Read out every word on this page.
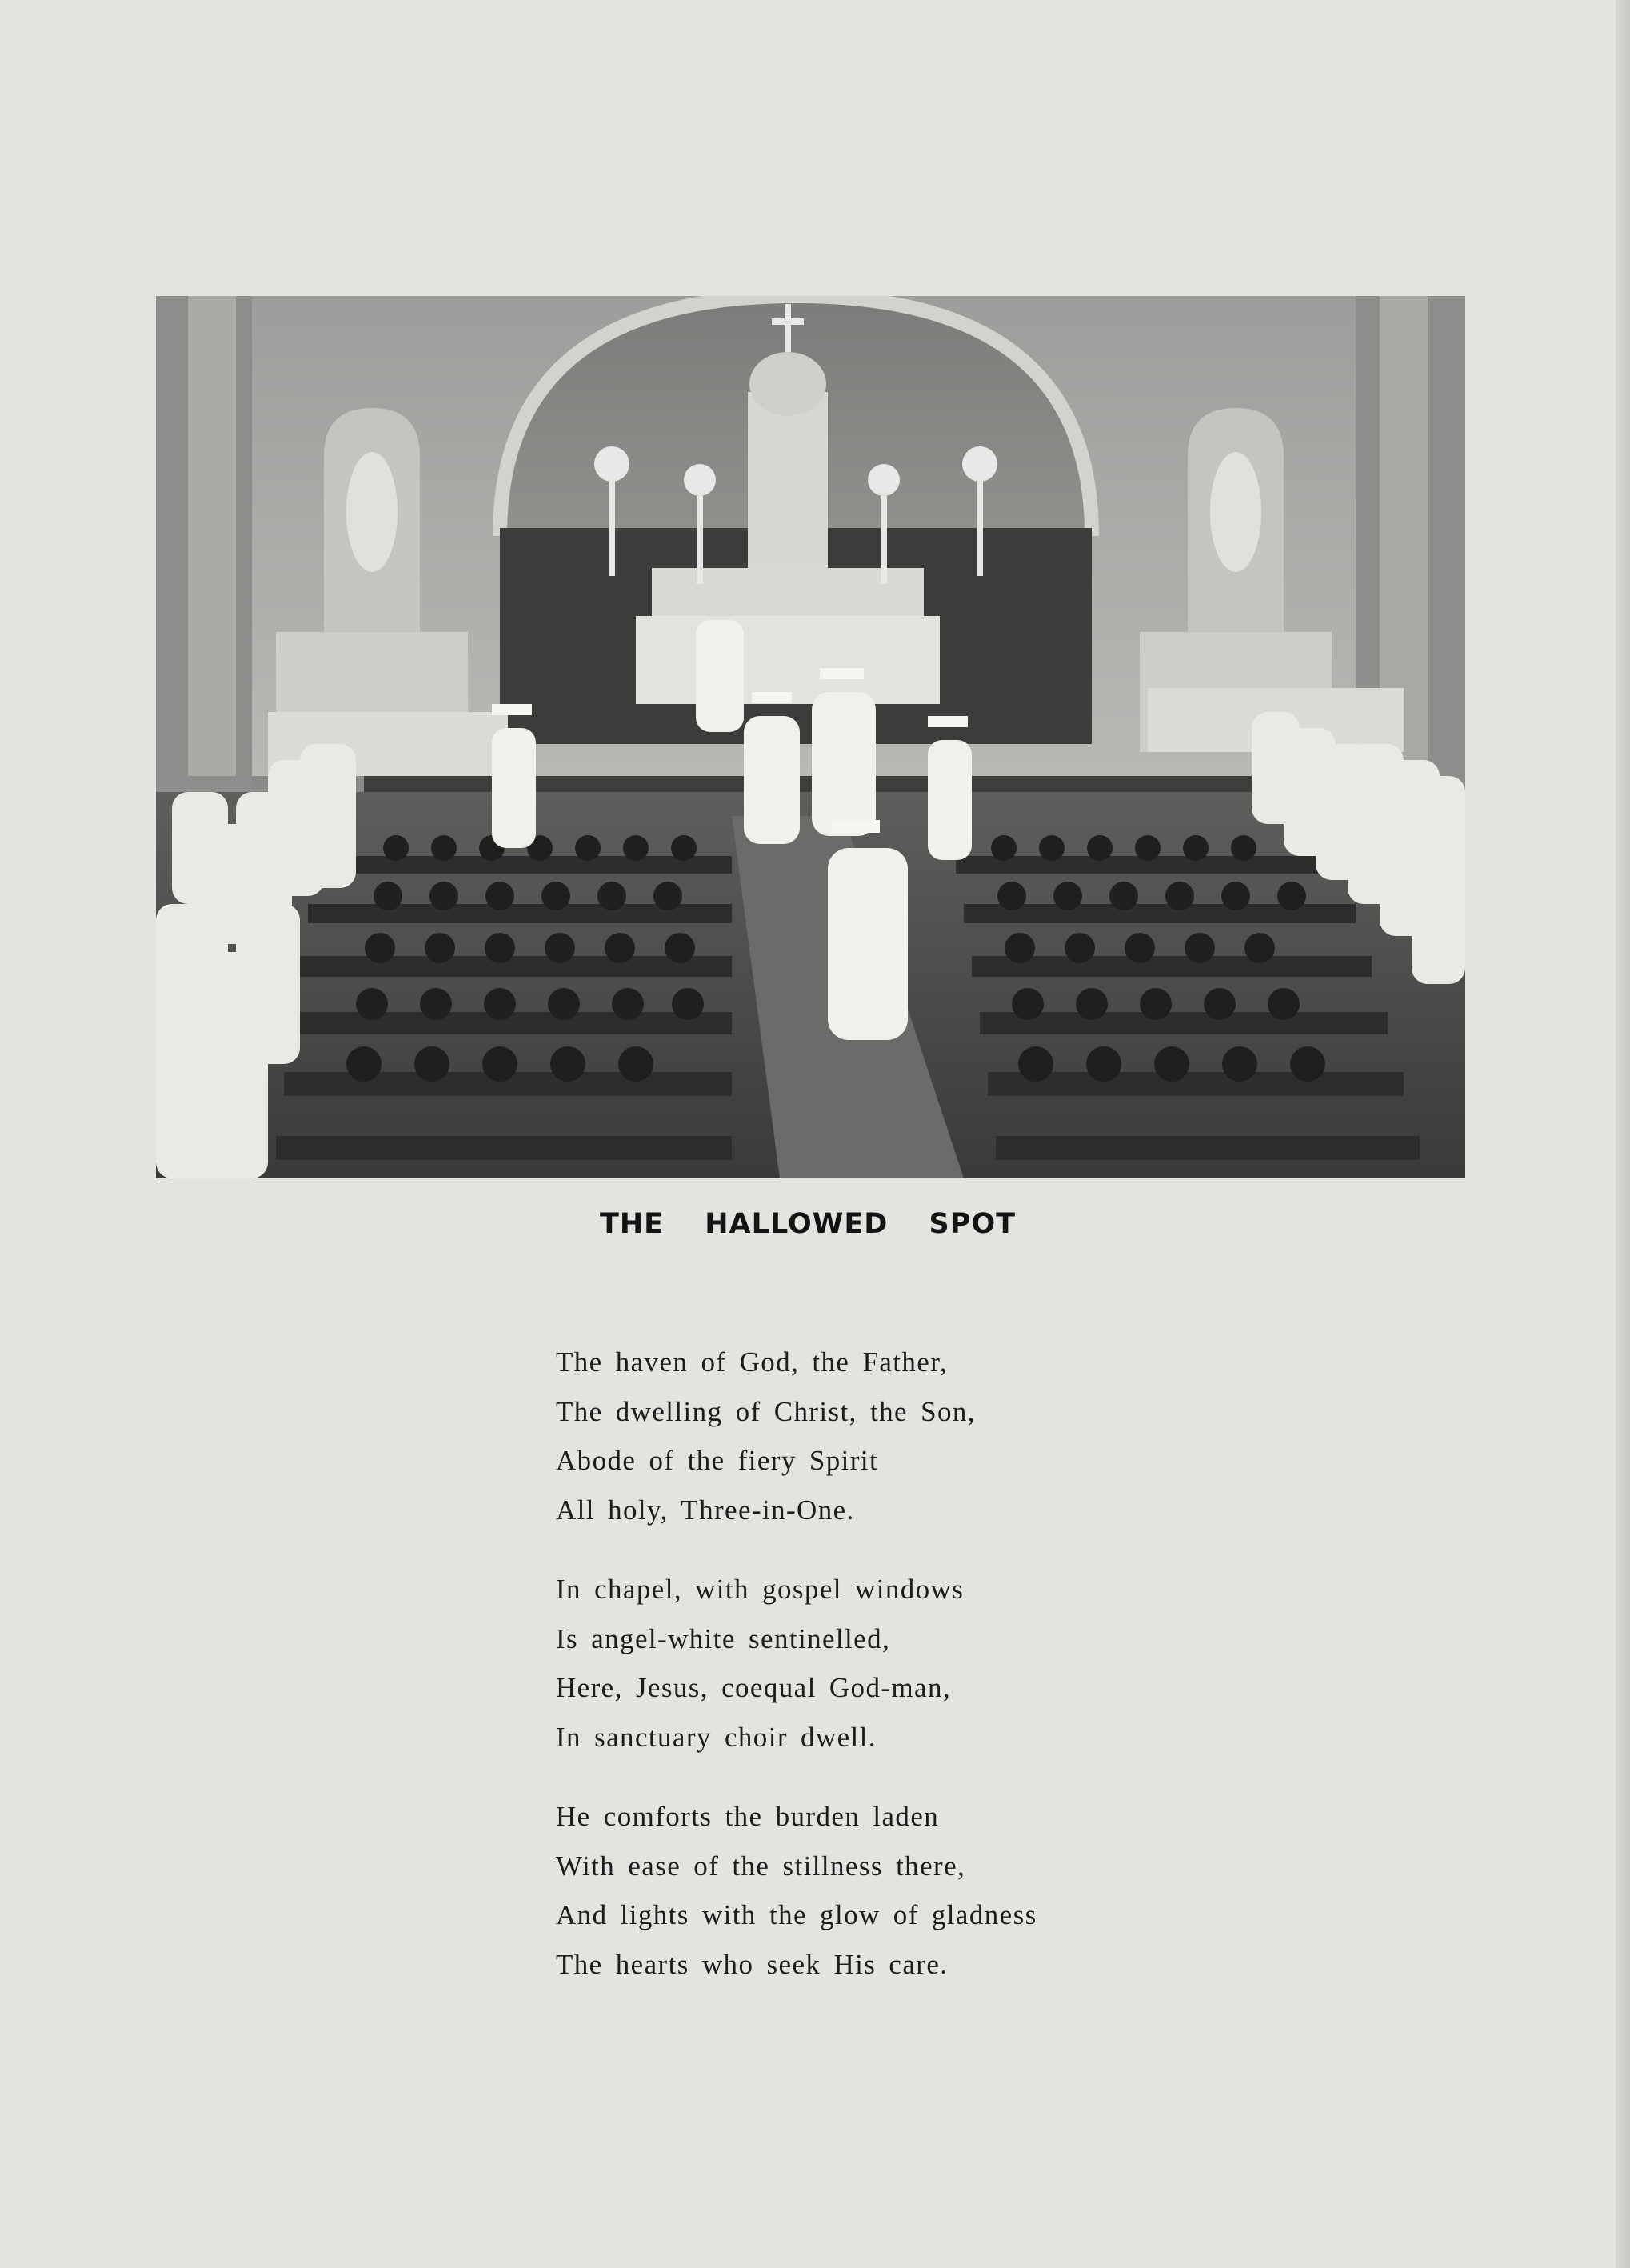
THE HALLOWED SPOT
The haven of God, the Father,
The dwelling of Christ, the Son,
Abode of the fiery Spirit
All holy, Three-in-One.
In chapel, with gospel windows
Is angel-white sentinelled,
Here, Jesus, coequal God-man,
In sanctuary choir dwell.
He comforts the burden laden
With ease of the stillness there,
And lights with the glow of gladness
The hearts who seek His care.
